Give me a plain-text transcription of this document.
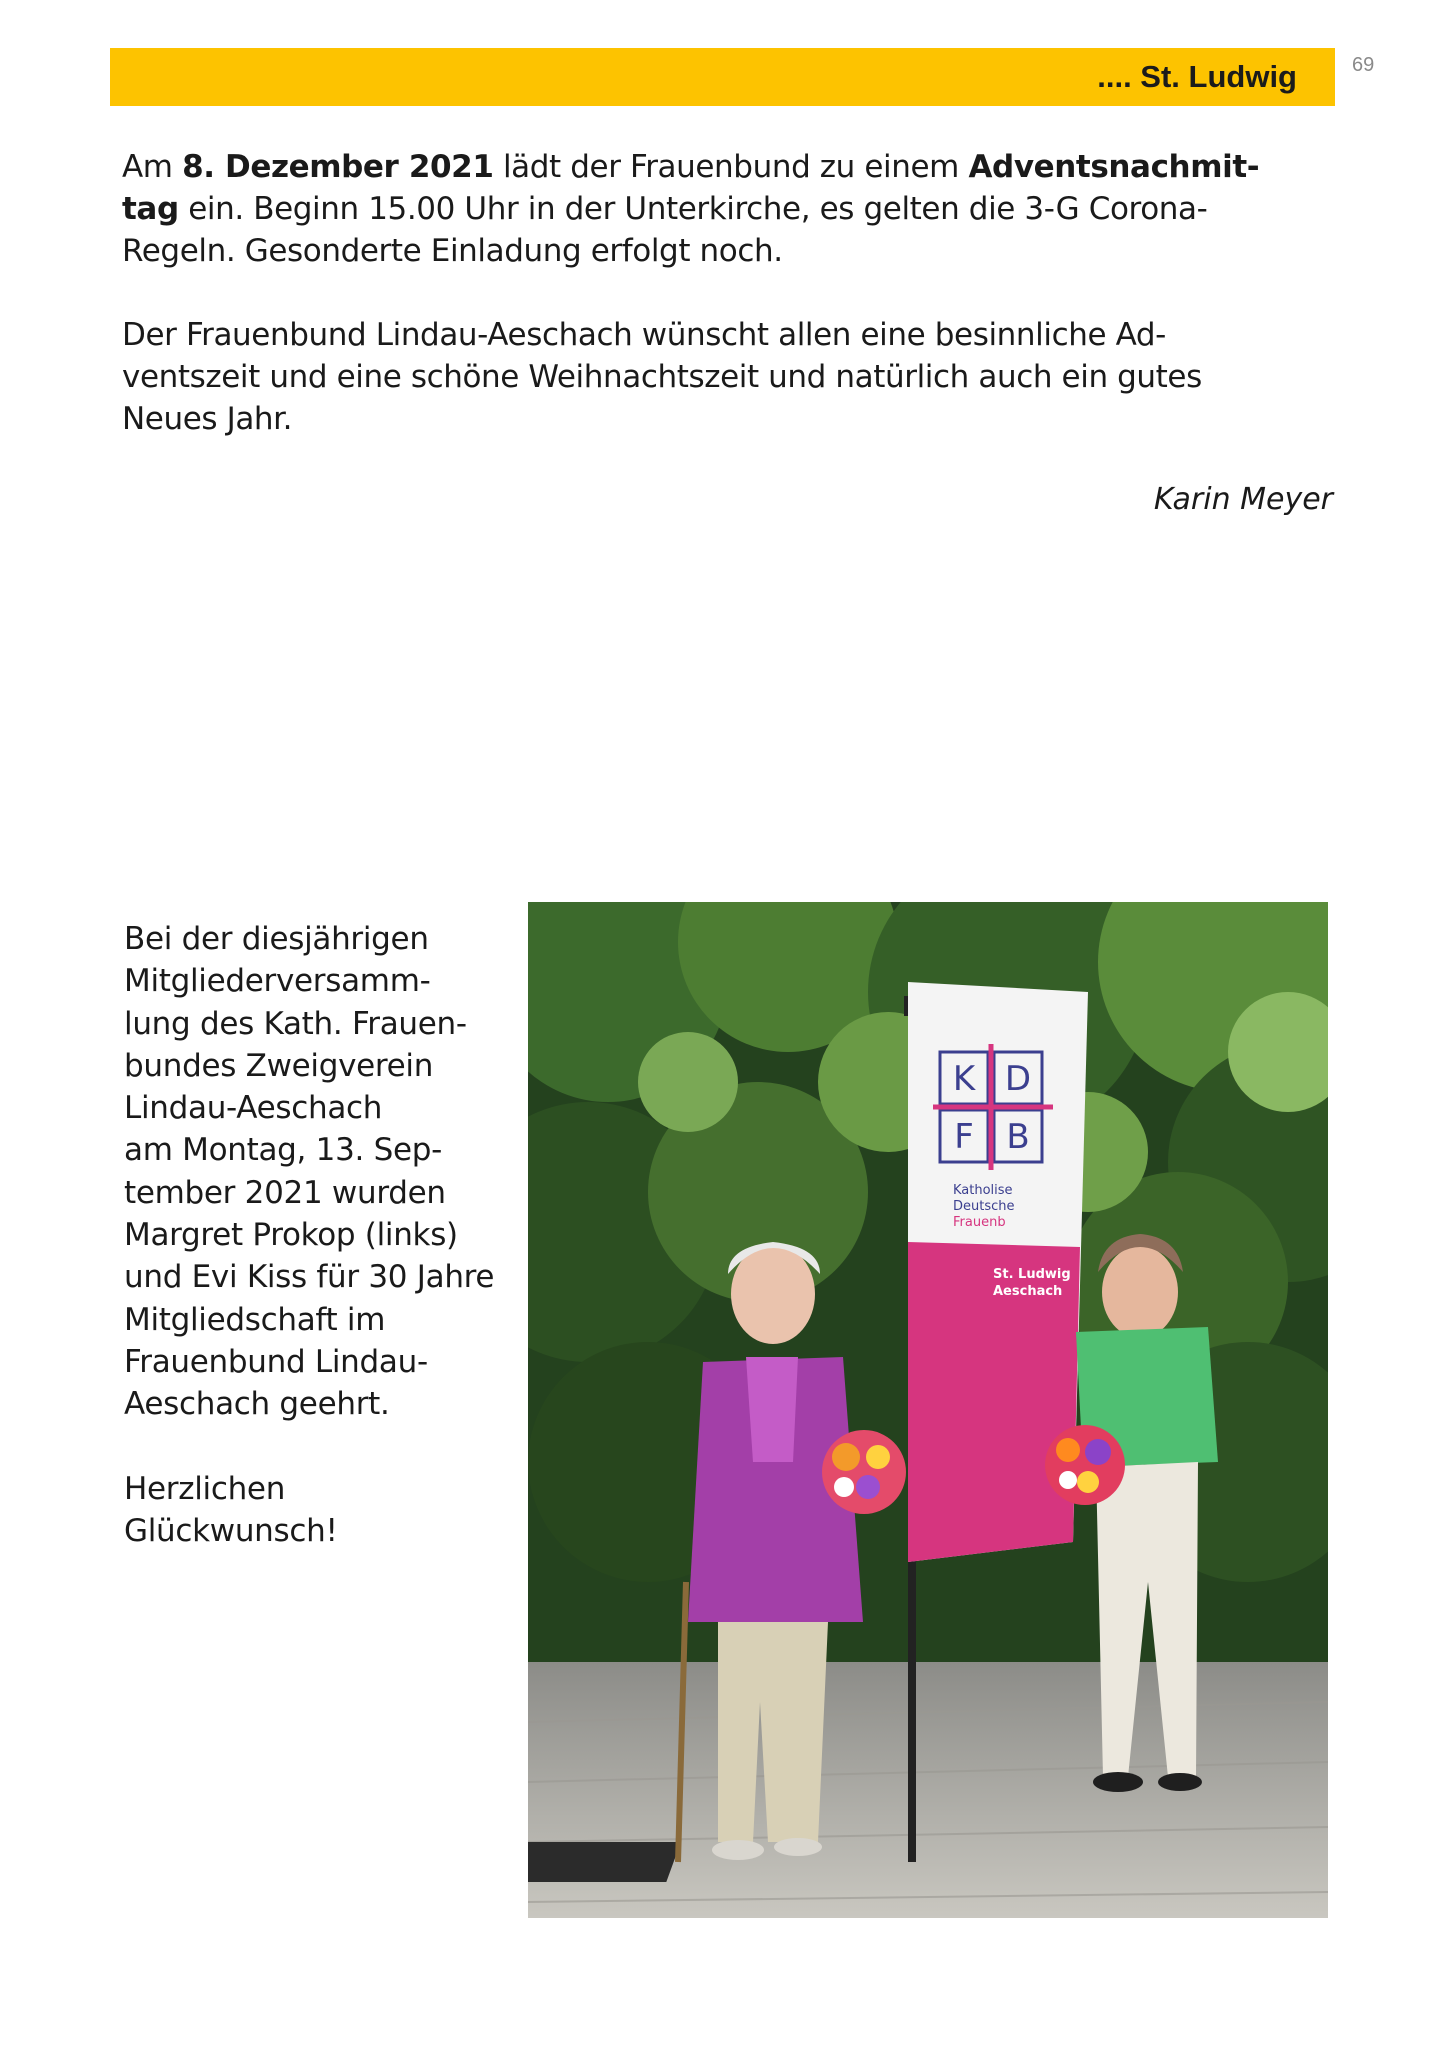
.... St. Ludwig	69

Am 8. Dezember 2021 lädt der Frauenbund zu einem Adventsnachmit-
tag ein. Beginn 15.00 Uhr in der Unterkirche, es gelten die 3-G Corona-
Regeln. Gesonderte Einladung erfolgt noch.

Der Frauenbund Lindau-Aeschach wünscht allen eine besinnliche Ad-
ventszeit und eine schöne Weihnachtszeit und natürlich auch ein gutes
Neues Jahr.

Karin Meyer
Bei der diesjährigen
Mitgliederversamm-
lung des Kath. Frauen-
bundes Zweigverein
Lindau-Aeschach
am Montag, 13. Sep-
tember 2021 wurden
Margret Prokop (links)
und Evi Kiss für 30 Jahre
Mitgliedschaft im
Frauenbund Lindau-
Aeschach geehrt.
Herzlichen
Glückwunsch!
K D
F B
Katholise
Deutsche
Frauenb
St. Ludwig
Aeschach
